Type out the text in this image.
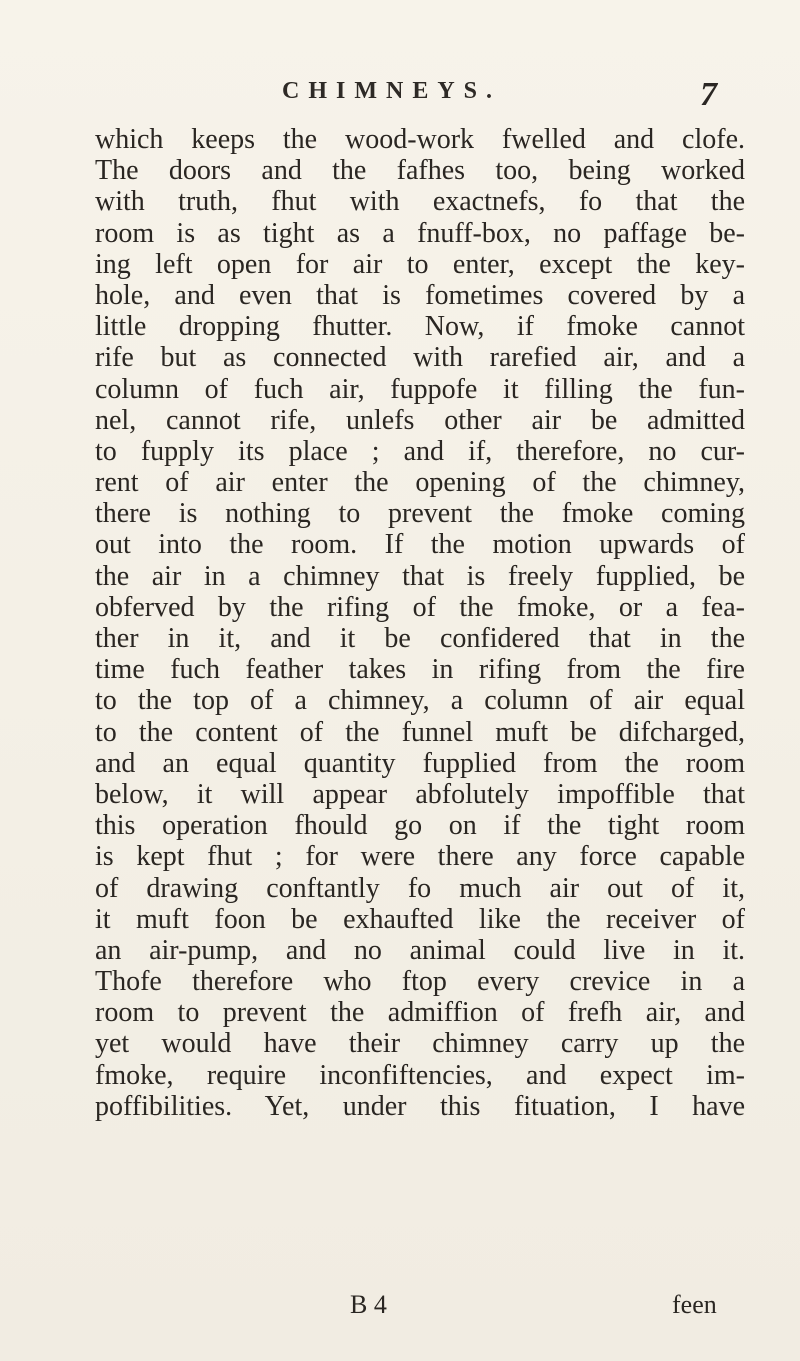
CHIMNEYS.	7
which keeps the wood-work fwelled and clofe.
The doors and the fafhes too, being worked
with truth, fhut with exactnefs, fo that the
room is as tight as a fnuff-box, no paffage be-
ing left open for air to enter, except the key-
hole, and even that is fometimes covered by a
little dropping fhutter. Now, if fmoke cannot
rife but as connected with rarefied air, and a
column of fuch air, fuppofe it filling the fun-
nel, cannot rife, unlefs other air be admitted
to fupply its place ; and if, therefore, no cur-
rent of air enter the opening of the chimney,
there is nothing to prevent the fmoke coming
out into the room. If the motion upwards of
the air in a chimney that is freely fupplied, be
obferved by the rifing of the fmoke, or a fea-
ther in it, and it be confidered that in the
time fuch feather takes in rifing from the fire
to the top of a chimney, a column of air equal
to the content of the funnel muft be difcharged,
and an equal quantity fupplied from the room
below, it will appear abfolutely impoffible that
this operation fhould go on if the tight room
is kept fhut ; for were there any force capable
of drawing conftantly fo much air out of it,
it muft foon be exhaufted like the receiver of
an air-pump, and no animal could live in it.
Thofe therefore who ftop every crevice in a
room to prevent the admiffion of frefh air, and
yet would have their chimney carry up the
fmoke, require inconfiftencies, and expect im-
poffibilities. Yet, under this fituation, I have
B 4	feen
